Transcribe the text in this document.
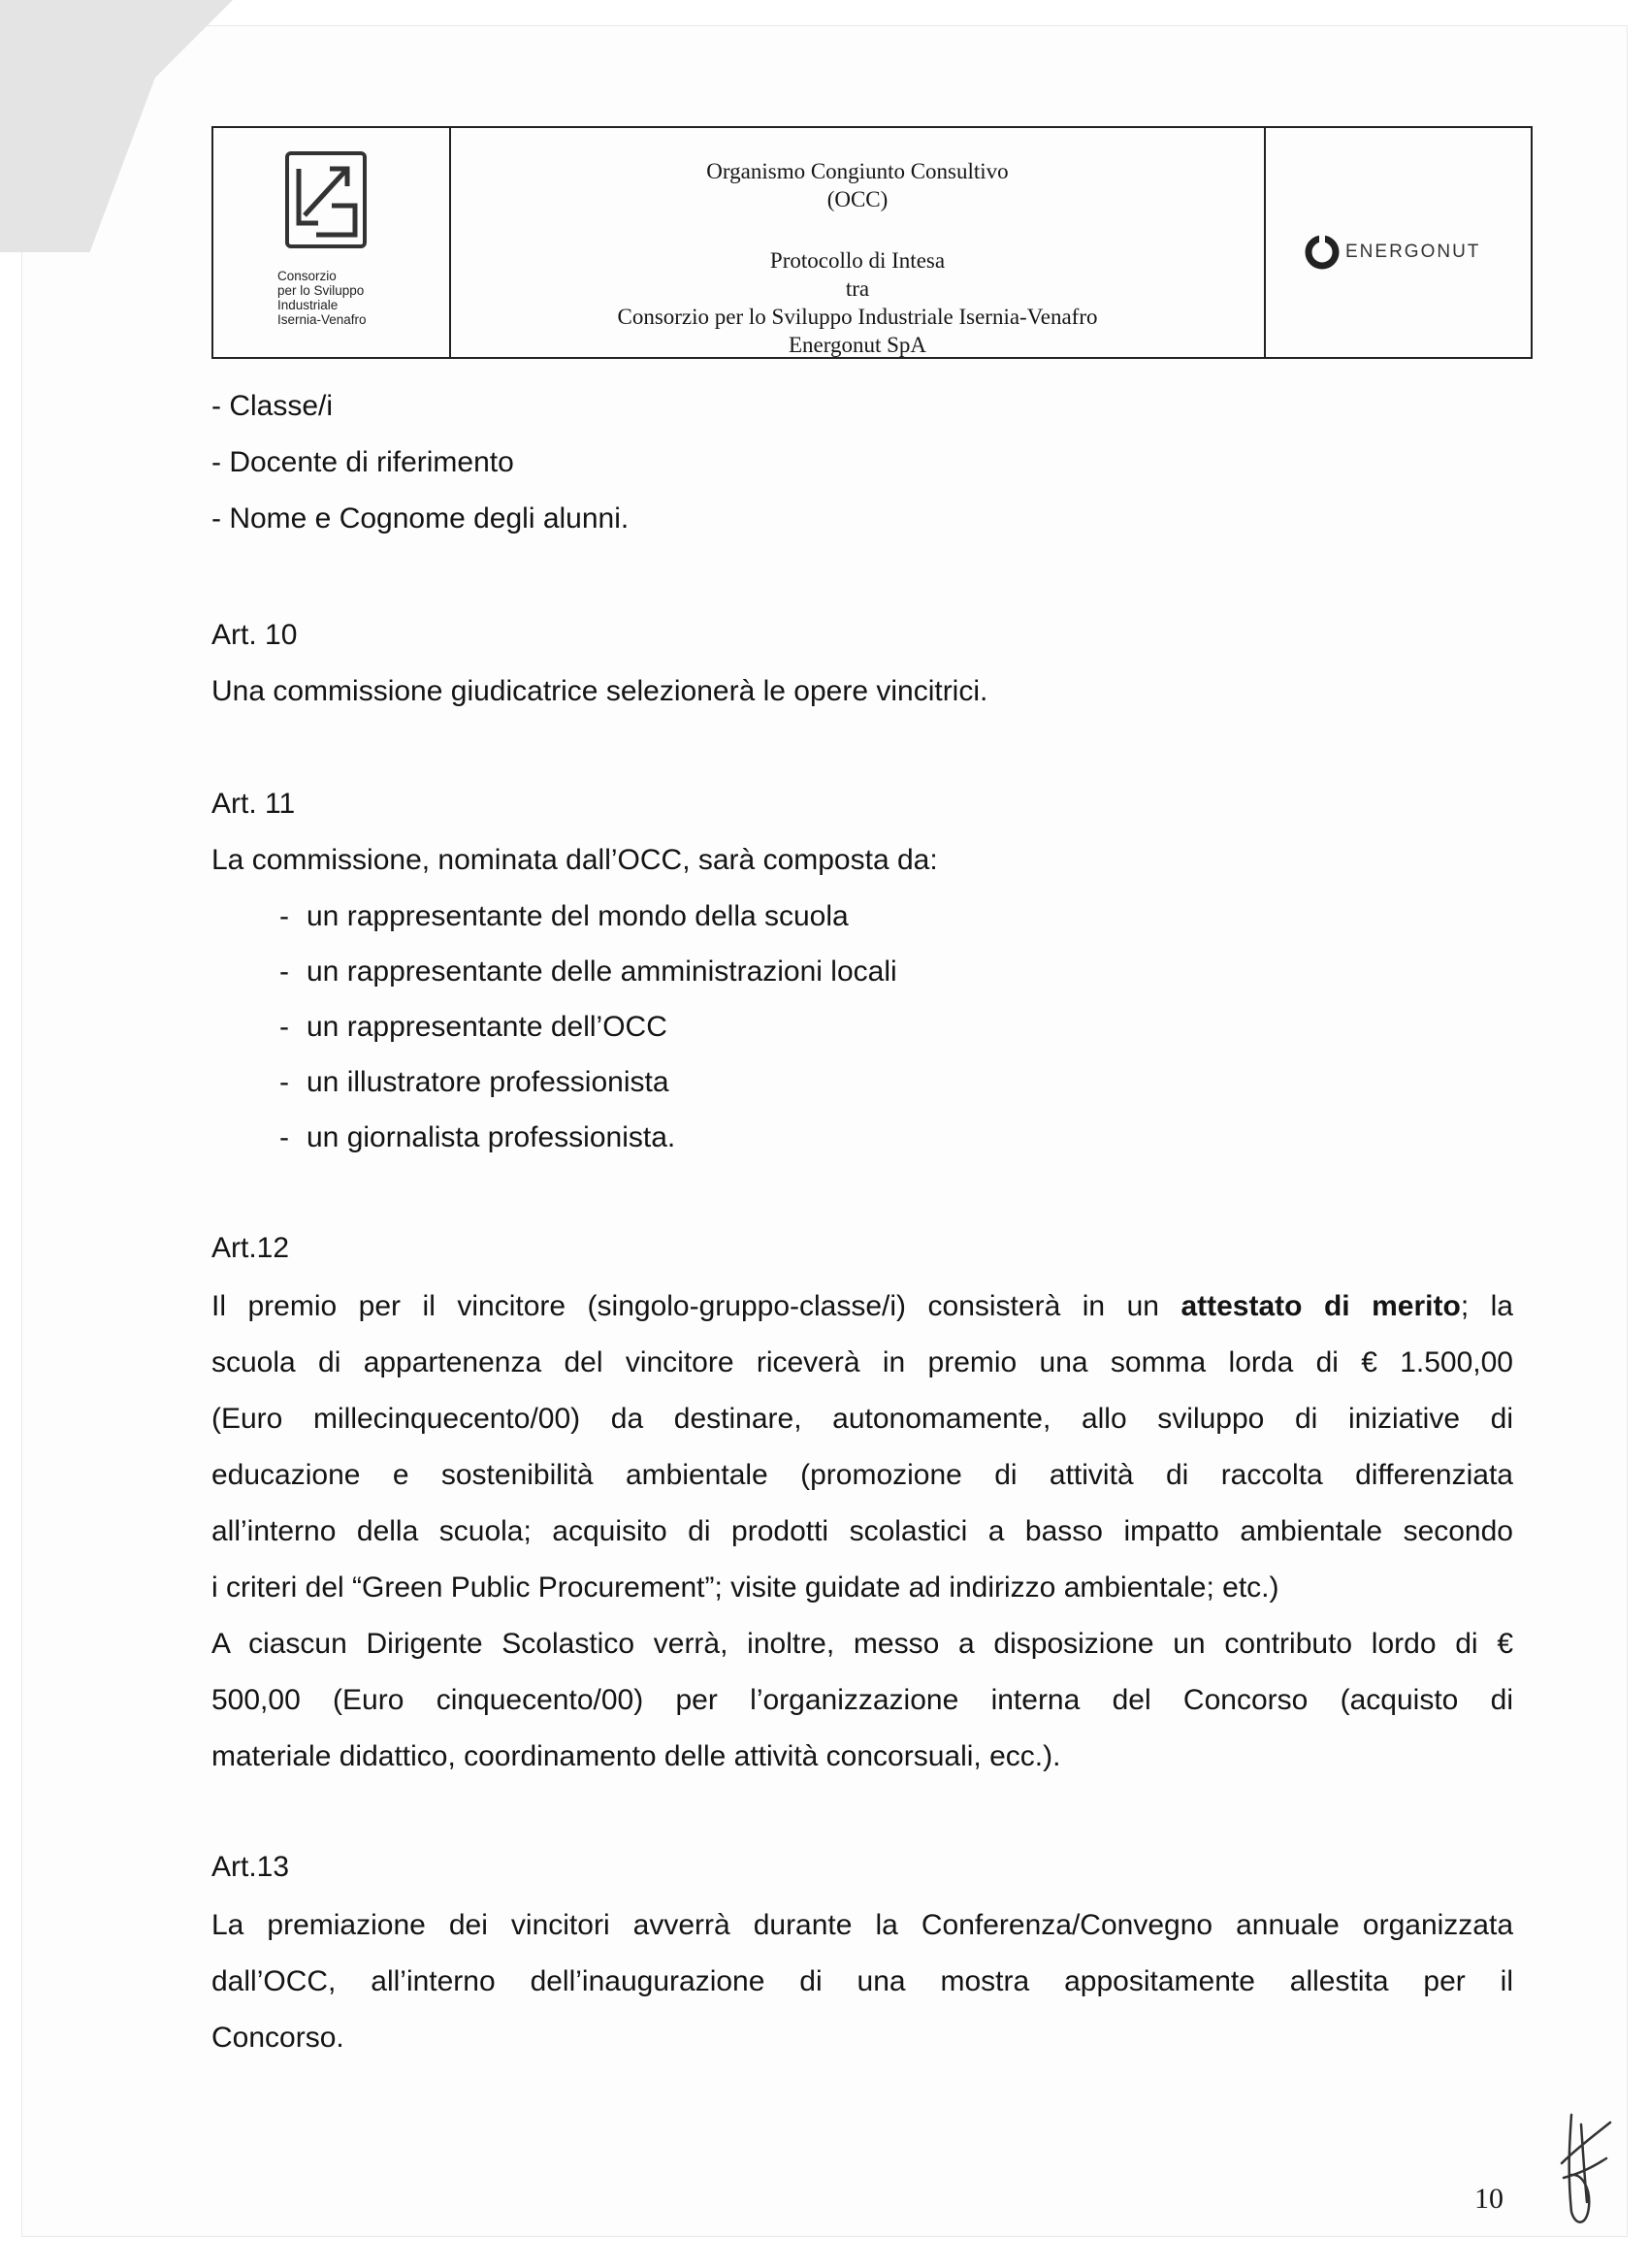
Consorzio
per lo Sviluppo
Industriale
Isernia-Venafro
Organismo Congiunto Consultivo
(OCC)
Protocollo di Intesa
tra
Consorzio per lo Sviluppo Industriale Isernia-Venafro
Energonut SpA
ENERGONUT
- Classe/i
- Docente di riferimento
- Nome e Cognome degli alunni.
Art. 10
Una commissione giudicatrice selezionerà le opere vincitrici.
Art. 11
La commissione, nominata dall’OCC, sarà composta da:
- un rappresentante del mondo della scuola
- un rappresentante delle amministrazioni locali
- un rappresentante dell’OCC
- un illustratore professionista
- un giornalista professionista.
Art.12
Il premio per il vincitore (singolo-gruppo-classe/i) consisterà in un attestato di merito; la
scuola di appartenenza del vincitore riceverà in premio una somma lorda di € 1.500,00
(Euro millecinquecento/00) da destinare, autonomamente, allo sviluppo di iniziative di
educazione e sostenibilità ambientale (promozione di attività di raccolta differenziata
all’interno della scuola; acquisito di prodotti scolastici a basso impatto ambientale secondo
i criteri del “Green Public Procurement”; visite guidate ad indirizzo ambientale; etc.)
A ciascun Dirigente Scolastico verrà, inoltre, messo a disposizione un contributo lordo di €
500,00 (Euro cinquecento/00) per l’organizzazione interna del Concorso (acquisto di
materiale didattico, coordinamento delle attività concorsuali, ecc.).
Art.13
La premiazione dei vincitori avverrà durante la Conferenza/Convegno annuale organizzata
dall’OCC, all’interno dell’inaugurazione di una mostra appositamente allestita per il
Concorso.
10
